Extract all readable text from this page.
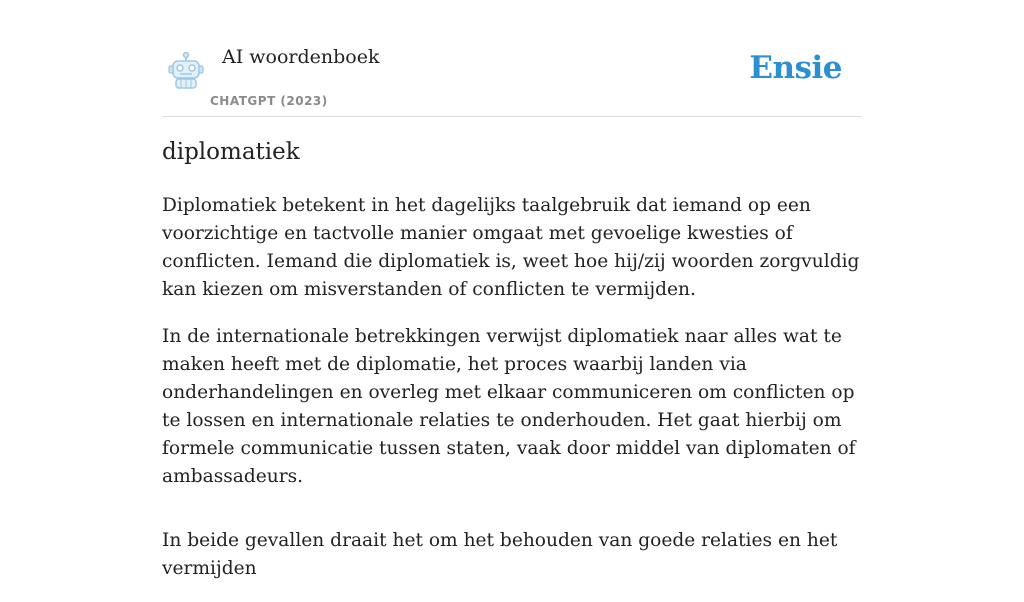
AI woordenboek
CHATGPT (2023)
Ensie
diplomatiek

Diplomatiek betekent in het dagelijks taalgebruik dat iemand op een voorzichtige en tactvolle manier omgaat met gevoelige kwesties of conflicten. Iemand die diplomatiek is, weet hoe hij/zij woorden zorgvuldig kan kiezen om misverstanden of conflicten te vermijden.

In de internationale betrekkingen verwijst diplomatiek naar alles wat te maken heeft met de diplomatie, het proces waarbij landen via onderhandelingen en overleg met elkaar communiceren om conflicten op te lossen en internationale relaties te onderhouden. Het gaat hierbij om formele communicatie tussen staten, vaak door middel van diplomaten of ambassadeurs.

In beide gevallen draait het om het behouden van goede relaties en het vermijden
